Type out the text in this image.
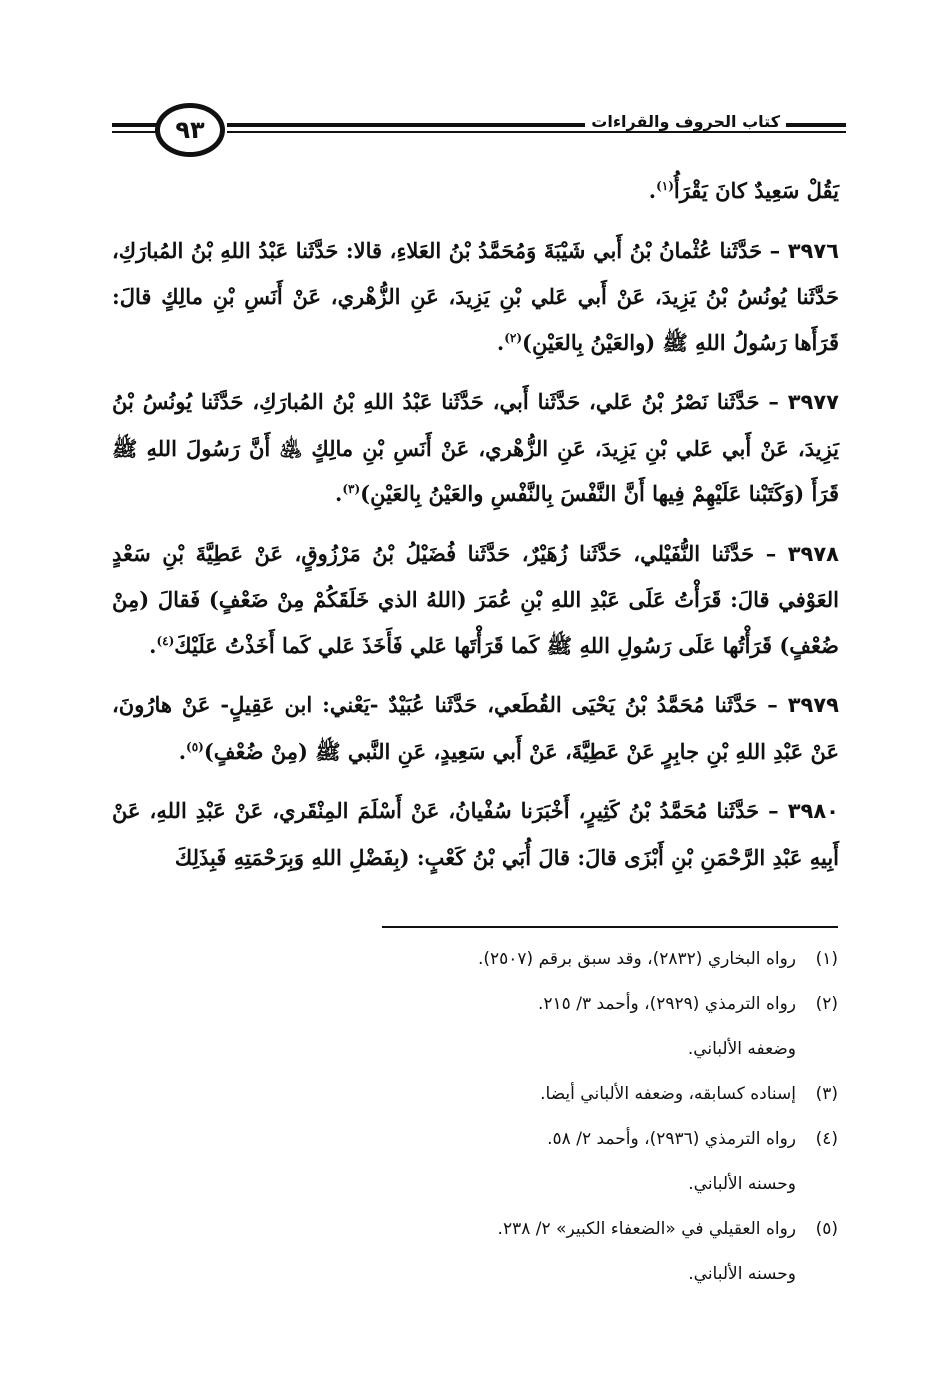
٩٣	كتاب الحروف والقراءات

يَقُلْ سَعِيدٌ كانَ يَقْرَأُ$^{(١)}$.

٣٩٧٦ – حَدَّثَنا عُثْمانُ بْنُ أَبي شَيْبَةَ وَمُحَمَّدُ بْنُ العَلاءِ، قالا: حَدَّثَنا عَبْدُ اللهِ بْنُ المُبارَكِ، حَدَّثَنا يُونُسُ بْنُ يَزِيدَ، عَنْ أَبي عَلي بْنِ يَزِيدَ، عَنِ الزُّهْري، عَنْ أَنَسِ بْنِ مالِكٍ قالَ: قَرَأَها رَسُولُ اللهِ ﷺ (والعَيْنُ بِالعَيْنِ)$^{(٢)}$.

٣٩٧٧ – حَدَّثَنا نَصْرُ بْنُ عَلي، حَدَّثَنا أَبي، حَدَّثَنا عَبْدُ اللهِ بْنُ المُبارَكِ، حَدَّثَنا يُونُسُ بْنُ يَزِيدَ، عَنْ أَبي عَلي بْنِ يَزِيدَ، عَنِ الزُّهْري، عَنْ أَنَسِ بْنِ مالِكٍ ﵁ أَنَّ رَسُولَ اللهِ ﷺ قَرَأَ (وَكَتَبْنا عَلَيْهِمْ فِيها أَنَّ النَّفْسَ بِالنَّفْسِ والعَيْنُ بِالعَيْنِ)$^{(٣)}$.

٣٩٧٨ – حَدَّثَنا النُّفَيْلي، حَدَّثَنا زُهَيْرٌ، حَدَّثَنا فُضَيْلُ بْنُ مَرْزُوقٍ، عَنْ عَطِيَّةَ بْنِ سَعْدٍ العَوْفي قالَ: قَرَأْتُ عَلَى عَبْدِ اللهِ بْنِ عُمَرَ (اللهُ الذي خَلَقَكُمْ مِنْ ضَعْفٍ) فَقالَ (مِنْ ضُعْفٍ) قَرَأْتُها عَلَى رَسُولِ اللهِ ﷺ كَما قَرَأْتَها عَلي فَأَخَذَ عَلي كَما أَخَذْتُ عَلَيْكَ$^{(٤)}$.

٣٩٧٩ – حَدَّثَنا مُحَمَّدُ بْنُ يَحْيَى القُطَعي، حَدَّثَنا عُبَيْدٌ -يَعْني: ابن عَقِيلٍ- عَنْ هارُونَ، عَنْ عَبْدِ اللهِ بْنِ جابِرٍ عَنْ عَطِيَّةَ، عَنْ أَبي سَعِيدٍ، عَنِ النَّبي ﷺ (مِنْ ضُعْفٍ)$^{(٥)}$.

٣٩٨٠ – حَدَّثَنا مُحَمَّدُ بْنُ كَثِيرٍ، أَخْبَرَنا سُفْيانُ، عَنْ أَسْلَمَ المِنْقَري، عَنْ عَبْدِ اللهِ، عَنْ أَبِيهِ عَبْدِ الرَّحْمَنِ بْنِ أَبْزَى قالَ: قالَ أُبَي بْنُ كَعْبٍ: (بِفَضْلِ اللهِ وَبِرَحْمَتِهِ فَبِذَلِكَ

(١)
رواه البخاري (٢٨٣٢)، وقد سبق برقم (٢٥٠٧).
(٢)
رواه الترمذي (٢٩٢٩)، وأحمد ٣/ ٢١٥.
وضعفه الألباني.
(٣)
إسناده كسابقه، وضعفه الألباني أيضا.
(٤)
رواه الترمذي (٢٩٣٦)، وأحمد ٢/ ٥٨.
وحسنه الألباني.
(٥)
رواه العقيلي في «الضعفاء الكبير» ٢/ ٢٣٨.
وحسنه الألباني.
